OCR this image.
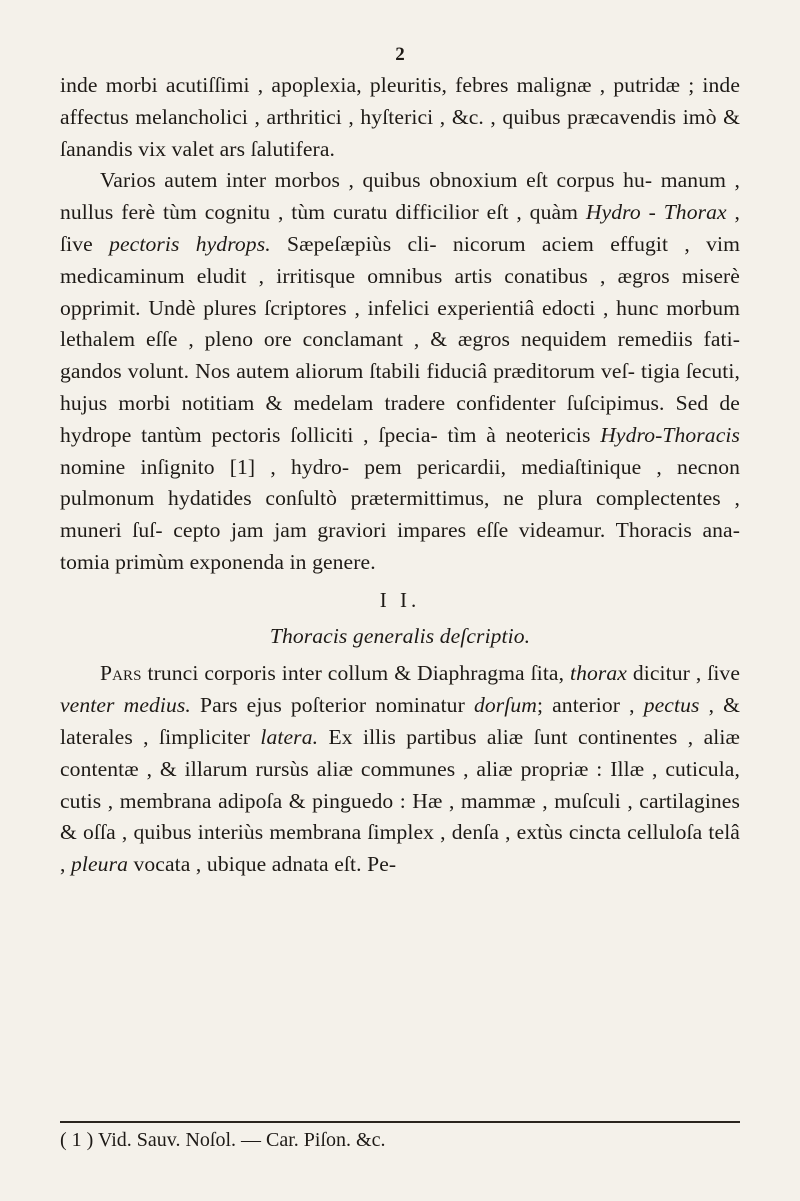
2

inde morbi acutiſſimi , apoplexia, pleuritis, febres malignæ , putridæ ; inde affectus melancholici , arthritici , hyſterici , &c. , quibus præcavendis imò & ſanandis vix valet ars ſalutifera.

Varios autem inter morbos , quibus obnoxium eſt corpus hu- manum , nullus ferè tùm cognitu , tùm curatu difficilior eſt , quàm Hydro - Thorax , ſive pectoris hydrops. Sæpeſæpiùs cli- nicorum aciem effugit , vim medicaminum eludit , irritisque omnibus artis conatibus , ægros miserè opprimit. Undè plures ſcriptores , infelici experientiâ edocti , hunc morbum lethalem eſſe , pleno ore conclamant , & ægros nequidem remediis fati- gandos volunt. Nos autem aliorum ſtabili fiduciâ præditorum veſ- tigia ſecuti, hujus morbi notitiam & medelam tradere confidenter ſuſcipimus. Sed de hydrope tantùm pectoris ſolliciti , ſpecia- tìm à neotericis Hydro-Thoracis nomine inſignito [1] , hydro- pem pericardii, mediaſtinique , necnon pulmonum hydatides conſultò prætermittimus, ne plura complectentes , muneri ſuſ- cepto jam jam graviori impares eſſe videamur. Thoracis ana- tomia primùm exponenda in genere.

I I.
Thoracis generalis deſcriptio.

Pars trunci corporis inter collum & Diaphragma ſita, thorax dicitur , ſive venter medius. Pars ejus poſterior nominatur dorſum; anterior , pectus , & laterales , ſimpliciter latera. Ex illis partibus aliæ ſunt continentes , aliæ contentæ , & illarum rursùs aliæ communes , aliæ propriæ : Illæ , cuticula, cutis , membrana adipoſa & pinguedo : Hæ , mammæ , muſculi , cartilagines & oſſa , quibus interiùs membrana ſimplex , denſa , extùs cincta celluloſa telâ , pleura vocata , ubique adnata eſt. Pe-

( 1 ) Vid. Sauv. Noſol. — Car. Piſon. &c.
